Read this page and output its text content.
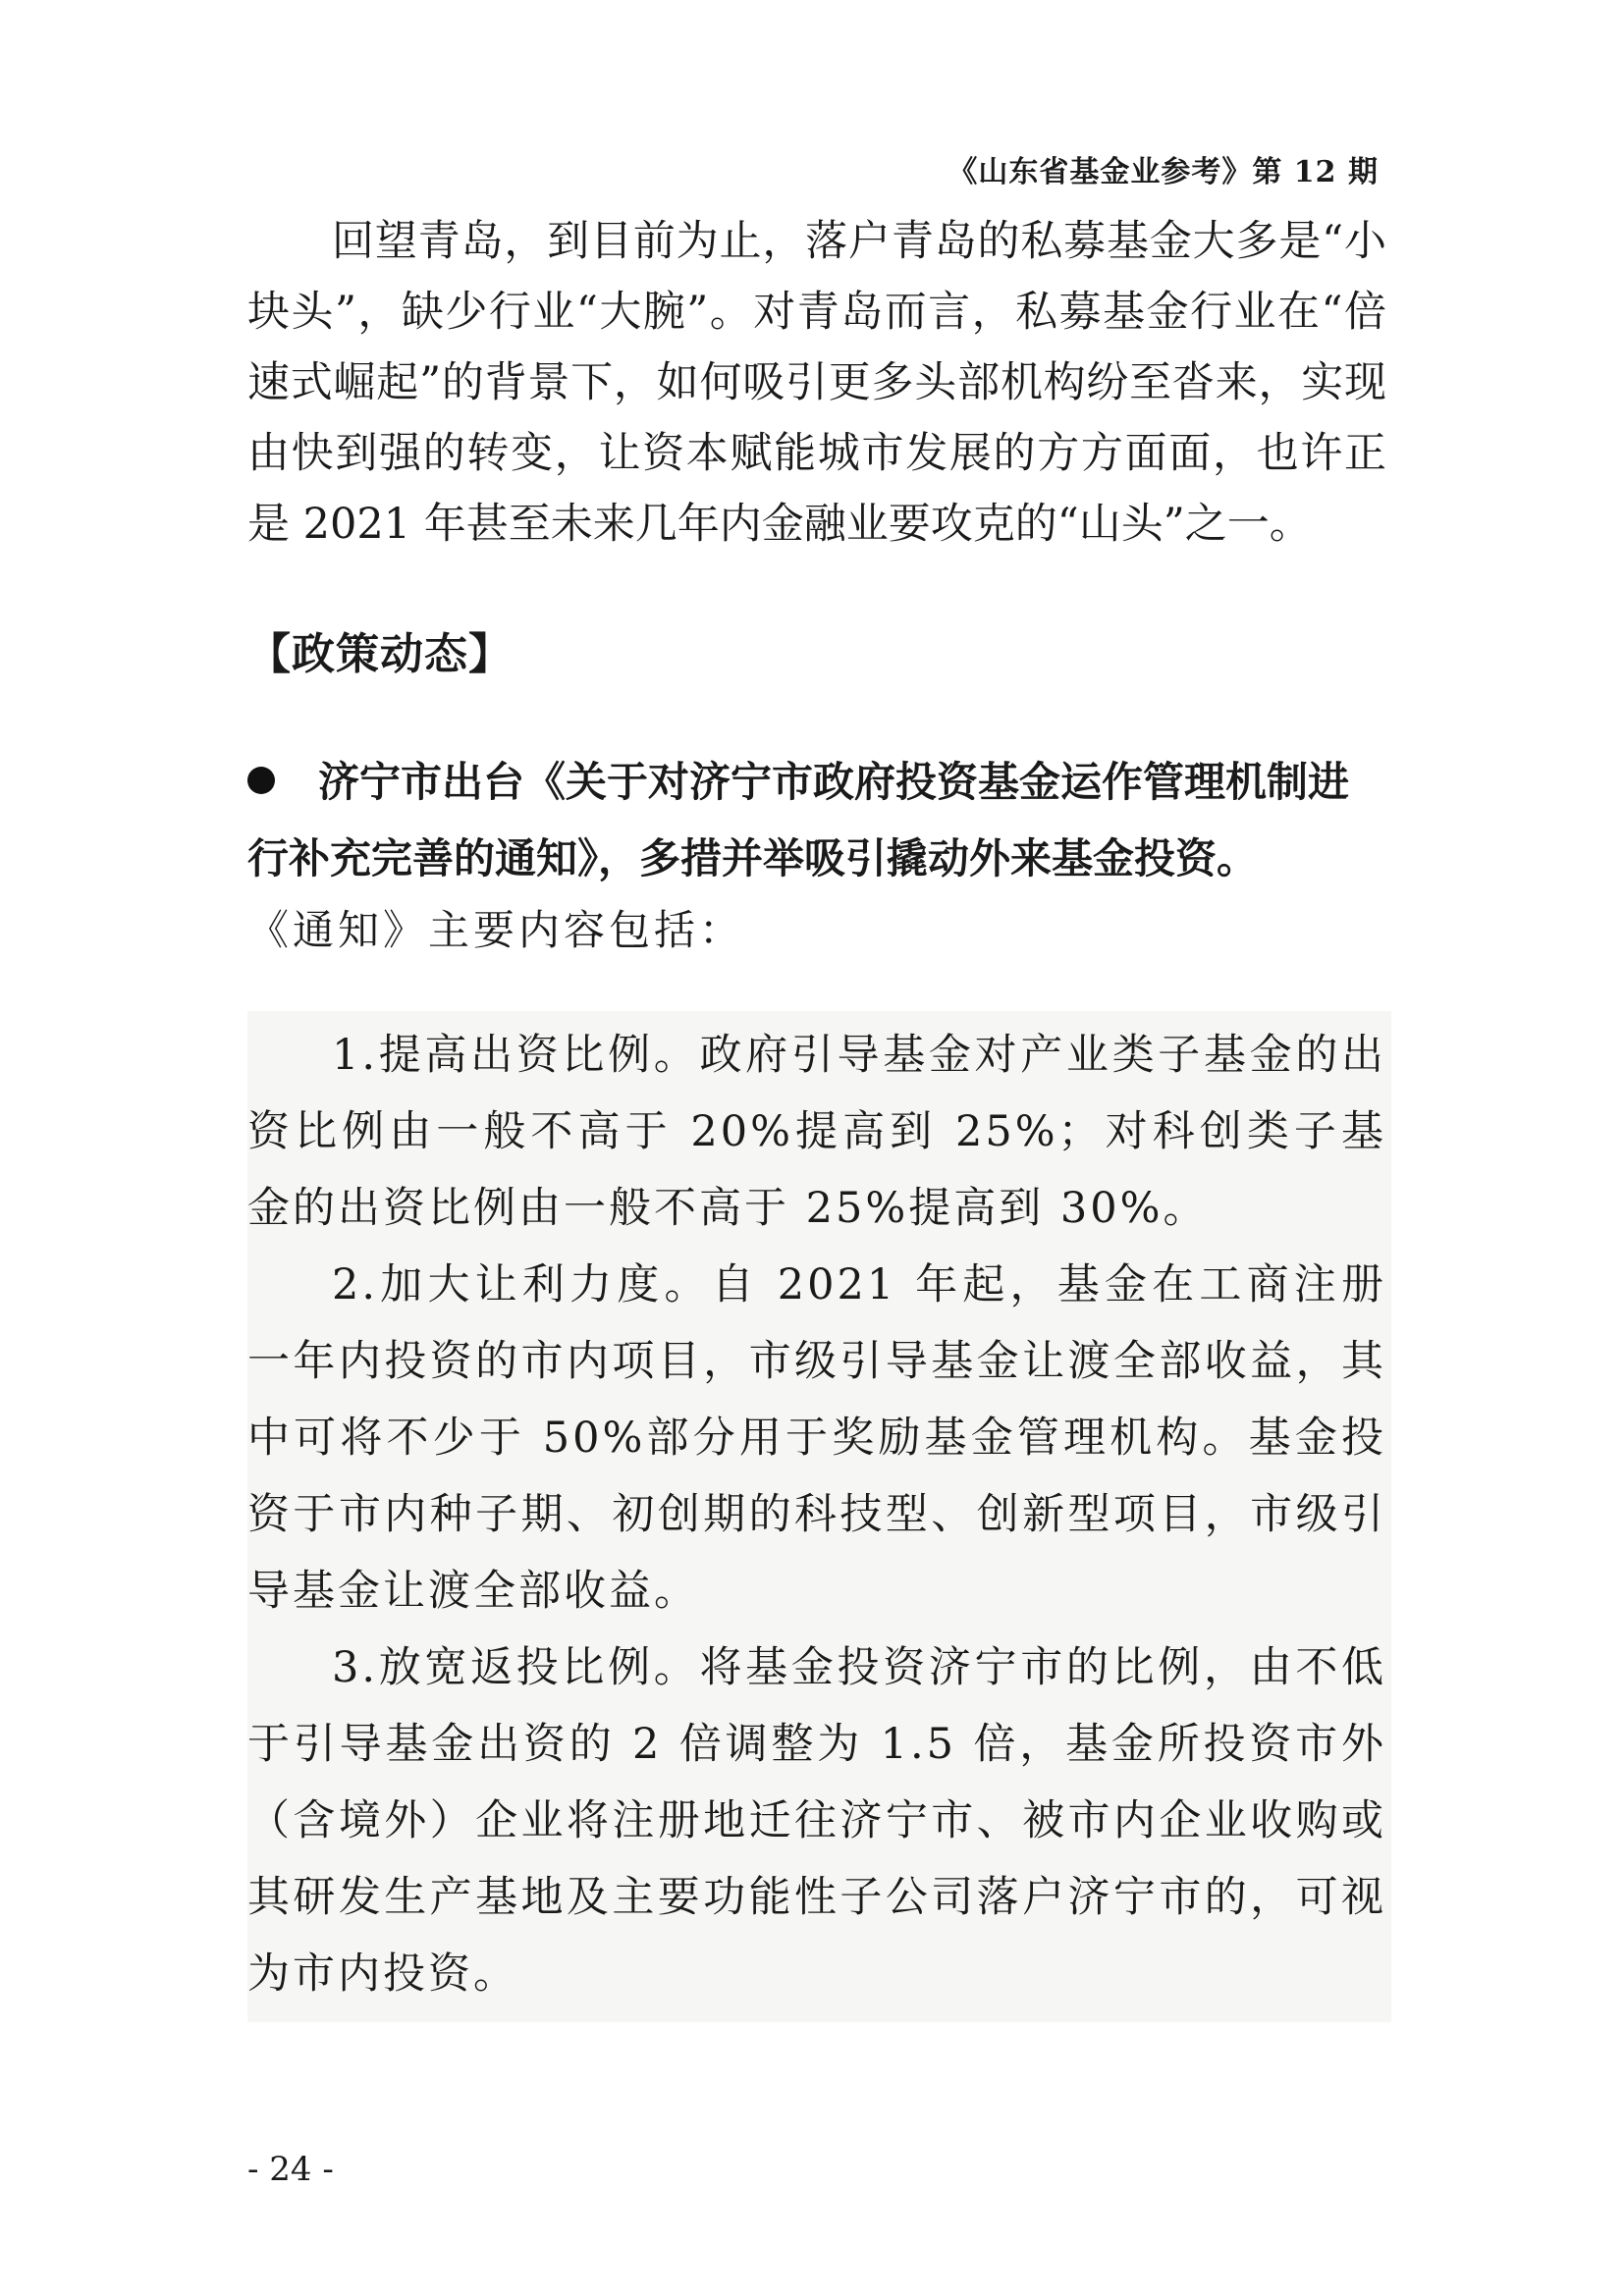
《山东省基金业参考》第 12 期

回望青岛，到目前为止，落户青岛的私募基金大多是“小块头”，缺少行业“大腕”。对青岛而言，私募基金行业在“倍速式崛起”的背景下，如何吸引更多头部机构纷至沓来，实现由快到强的转变，让资本赋能城市发展的方方面面，也许正是 2021 年甚至未来几年内金融业要攻克的“山头”之一。

【政策动态】
济宁市出台《关于对济宁市政府投资基金运作管理机制进行补充完善的通知》，多措并举吸引撬动外来基金投资。
《通知》主要内容包括：

1.提高出资比例。政府引导基金对产业类子基金的出资比例由一般不高于 20%提高到 25%；对科创类子基金的出资比例由一般不高于 25%提高到 30%。

2.加大让利力度。自 2021 年起，基金在工商注册一年内投资的市内项目，市级引导基金让渡全部收益，其中可将不少于 50%部分用于奖励基金管理机构。基金投资于市内种子期、初创期的科技型、创新型项目，市级引导基金让渡全部收益。

3.放宽返投比例。将基金投资济宁市的比例，由不低于引导基金出资的 2 倍调整为 1.5 倍，基金所投资市外（含境外）企业将注册地迁往济宁市、被市内企业收购或其研发生产基地及主要功能性子公司落户济宁市的，可视为市内投资。

- 24 -
